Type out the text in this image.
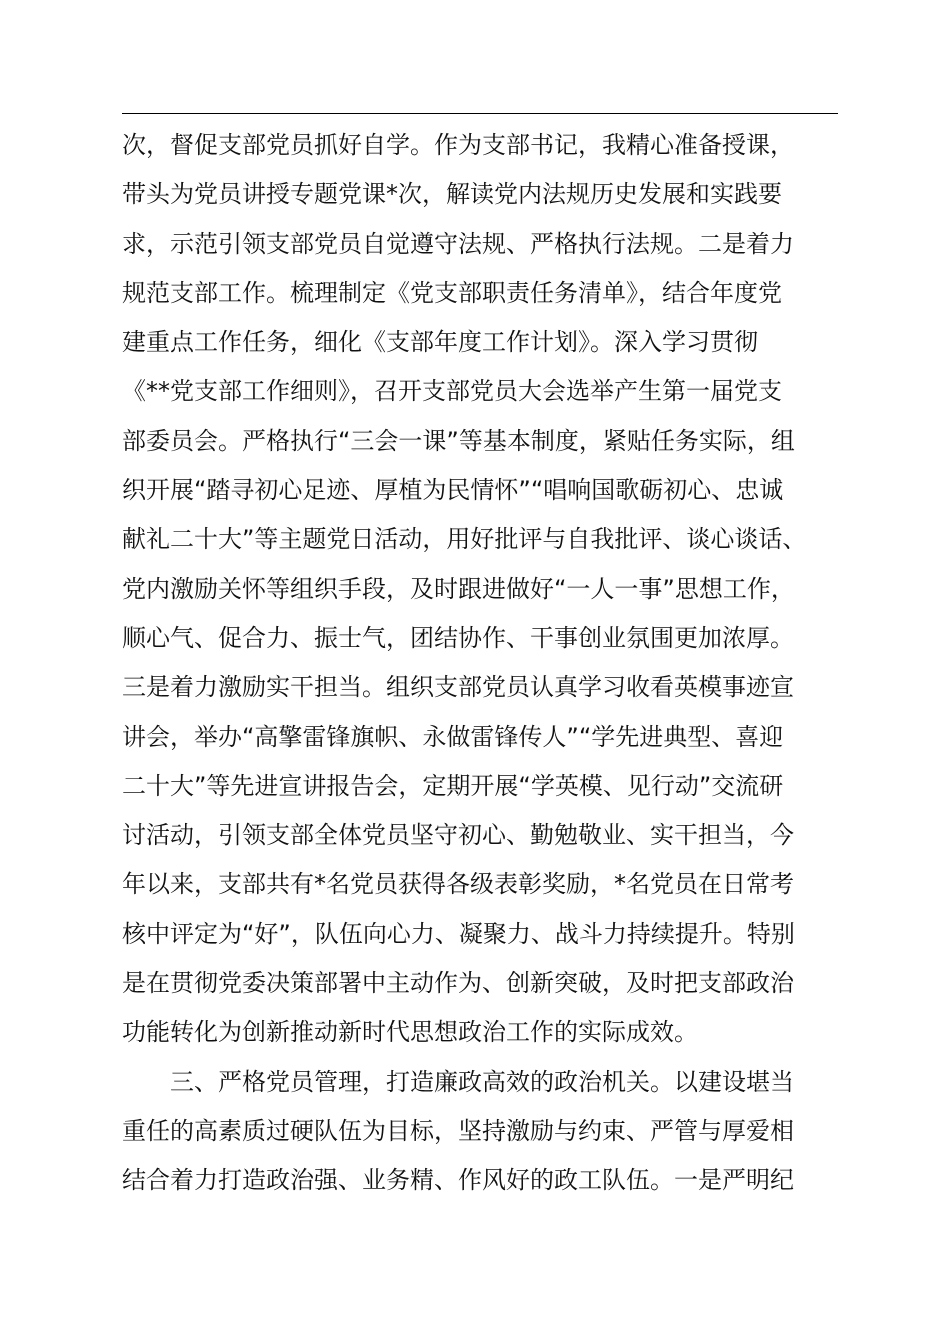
次，督促支部党员抓好自学。作为支部书记，我精心准备授课，
带头为党员讲授专题党课*次，解读党内法规历史发展和实践要
求，示范引领支部党员自觉遵守法规、严格执行法规。二是着力
规范支部工作。梳理制定《党支部职责任务清单》，结合年度党
建重点工作任务，细化《支部年度工作计划》。深入学习贯彻
《**党支部工作细则》，召开支部党员大会选举产生第一届党支
部委员会。严格执行“三会一课”等基本制度，紧贴任务实际，组
织开展“踏寻初心足迹、厚植为民情怀”“唱响国歌砺初心、忠诚
献礼二十大”等主题党日活动，用好批评与自我批评、谈心谈话、
党内激励关怀等组织手段，及时跟进做好“一人一事”思想工作，
顺心气、促合力、振士气，团结协作、干事创业氛围更加浓厚。
三是着力激励实干担当。组织支部党员认真学习收看英模事迹宣
讲会，举办“高擎雷锋旗帜、永做雷锋传人”“学先进典型、喜迎
二十大”等先进宣讲报告会，定期开展“学英模、见行动”交流研
讨活动，引领支部全体党员坚守初心、勤勉敬业、实干担当，今
年以来，支部共有*名党员获得各级表彰奖励，*名党员在日常考
核中评定为“好”，队伍向心力、凝聚力、战斗力持续提升。特别
是在贯彻党委决策部署中主动作为、创新突破，及时把支部政治
功能转化为创新推动新时代思想政治工作的实际成效。
三、严格党员管理，打造廉政高效的政治机关。以建设堪当
重任的高素质过硬队伍为目标，坚持激励与约束、严管与厚爱相
结合着力打造政治强、业务精、作风好的政工队伍。一是严明纪
